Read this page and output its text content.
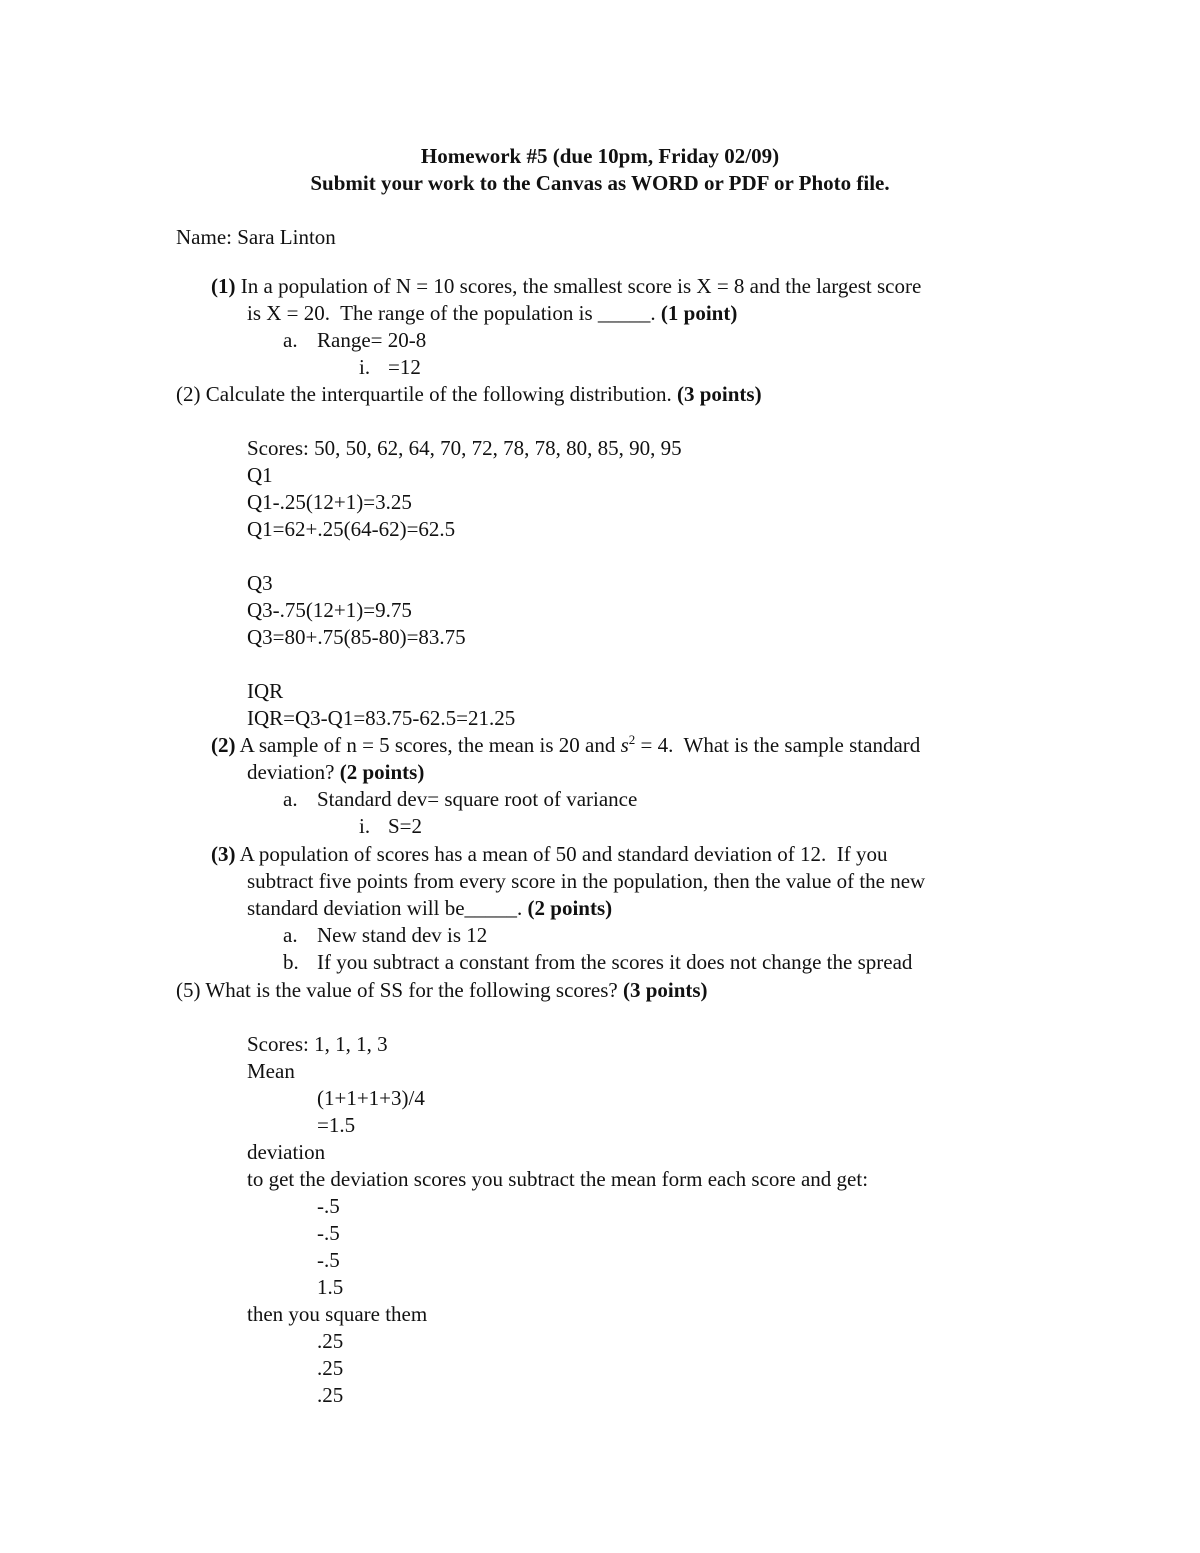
Homework #5 (due 10pm, Friday 02/09)
Submit your work to the Canvas as WORD or PDF or Photo file.
Name: Sara Linton
(1) In a population of N = 10 scores, the smallest score is X = 8 and the largest score
is X = 20.  The range of the population is _____. (1 point)
a. Range= 20-8
i. =12
(2) Calculate the interquartile of the following distribution. (3 points)
Scores: 50, 50, 62, 64, 70, 72, 78, 78, 80, 85, 90, 95
Q1
Q1-.25(12+1)=3.25
Q1=62+.25(64-62)=62.5
Q3
Q3-.75(12+1)=9.75
Q3=80+.75(85-80)=83.75
IQR
IQR=Q3-Q1=83.75-62.5=21.25
(2) A sample of n = 5 scores, the mean is 20 and $s^2 = 4$.  What is the sample standard
deviation? (2 points)
a. Standard dev= square root of variance
i. S=2
(3) A population of scores has a mean of 50 and standard deviation of 12.  If you
subtract five points from every score in the population, then the value of the new
standard deviation will be_____. (2 points)
a. New stand dev is 12
b. If you subtract a constant from the scores it does not change the spread
(5) What is the value of SS for the following scores? (3 points)
Scores: 1, 1, 1, 3
Mean
(1+1+1+3)/4
=1.5
deviation
to get the deviation scores you subtract the mean form each score and get:
-.5
-.5
-.5
1.5
then you square them
.25
.25
.25
